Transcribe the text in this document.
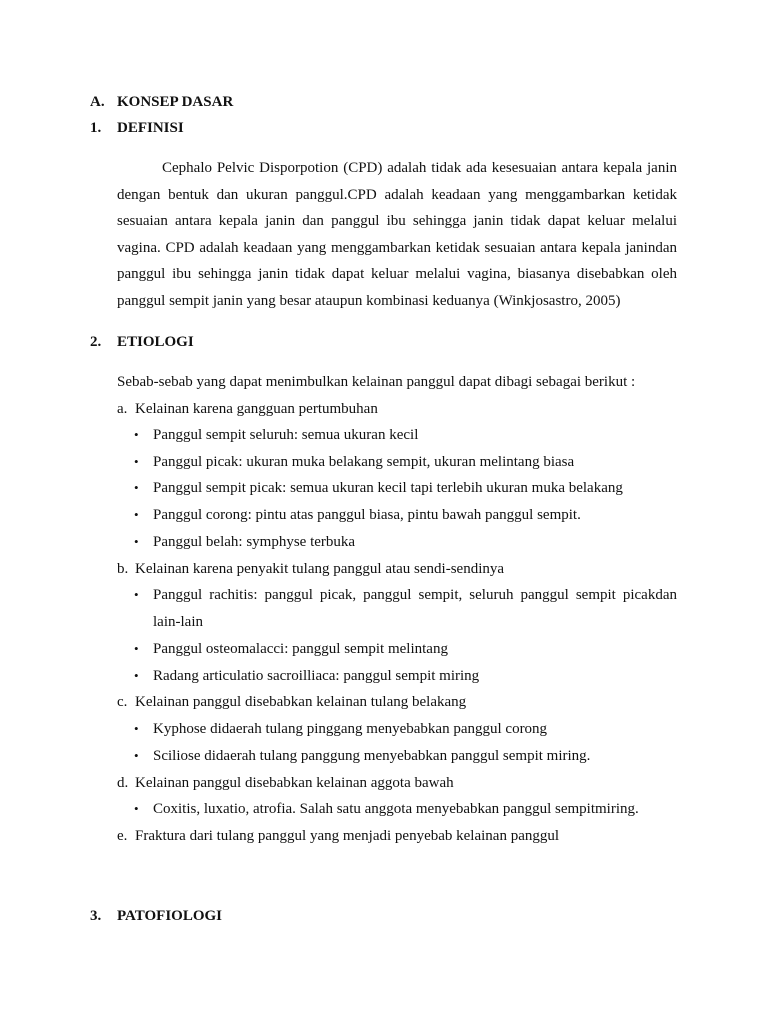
A. KONSEP DASAR
1. DEFINISI
Cephalo Pelvic Disporpotion (CPD) adalah tidak ada kesesuaian antara kepala janin dengan bentuk dan ukuran panggul.CPD adalah keadaan yang menggambarkan ketidak sesuaian antara kepala janin dan panggul ibu sehingga janin tidak dapat keluar melalui vagina. CPD adalah keadaan yang menggambarkan ketidak sesuaian antara kepala janindan panggul ibu sehingga janin tidak dapat keluar melalui vagina, biasanya disebabkan oleh panggul sempit janin yang besar ataupun kombinasi keduanya (Winkjosastro, 2005)
2. ETIOLOGI
Sebab-sebab yang dapat menimbulkan kelainan panggul dapat dibagi sebagai berikut :
a. Kelainan karena gangguan pertumbuhan
• Panggul sempit seluruh: semua ukuran kecil
• Panggul picak: ukuran muka belakang sempit, ukuran melintang biasa
• Panggul sempit picak: semua ukuran kecil tapi terlebih ukuran muka belakang
• Panggul corong: pintu atas panggul biasa, pintu bawah panggul sempit.
• Panggul belah: symphyse terbuka
b. Kelainan karena penyakit tulang panggul atau sendi-sendinya
• Panggul rachitis: panggul picak, panggul sempit, seluruh panggul sempit picakdan lain-lain
• Panggul osteomalacci: panggul sempit melintang
• Radang articulatio sacroilliaca: panggul sempit miring
c. Kelainan panggul disebabkan kelainan tulang belakang
• Kyphose didaerah tulang pinggang menyebabkan panggul corong
• Sciliose didaerah tulang panggung menyebabkan panggul sempit miring.
d. Kelainan panggul disebabkan kelainan aggota bawah
• Coxitis, luxatio, atrofia. Salah satu anggota menyebabkan panggul sempitmiring.
e. Fraktura dari tulang panggul yang menjadi penyebab kelainan panggul
3. PATOFIOLOGI
